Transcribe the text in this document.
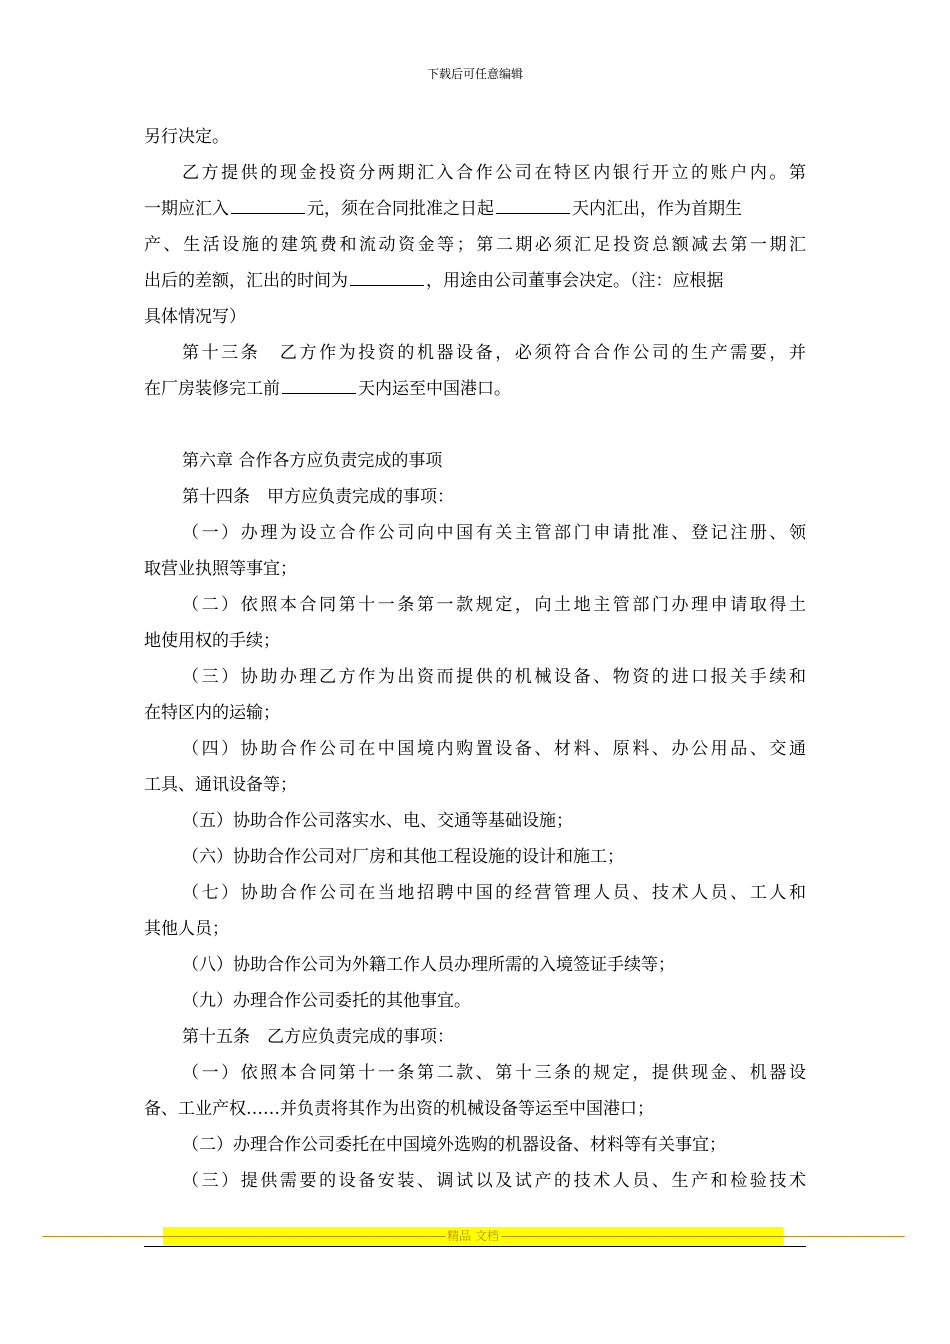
下载后可任意编辑
另行决定。
乙方提供的现金投资分两期汇入合作公司在特区内银行开立的账户内。第
一期应汇入	元，须在合同批准之日起	天内汇出，作为首期生
产、生活设施的建筑费和流动资金等；第二期必须汇足投资总额减去第一期汇
出后的差额，汇出的时间为	，用途由公司董事会决定。（注：应根据
具体情况写）
第十三条　乙方作为投资的机器设备，必须符合合作公司的生产需要，并
在厂房装修完工前	天内运至中国港口。
第六章 合作各方应负责完成的事项
第十四条　甲方应负责完成的事项：
（一）办理为设立合作公司向中国有关主管部门申请批准、登记注册、领
取营业执照等事宜；
（二）依照本合同第十一条第一款规定，向土地主管部门办理申请取得土
地使用权的手续；
（三）协助办理乙方作为出资而提供的机械设备、物资的进口报关手续和
在特区内的运输；
（四）协助合作公司在中国境内购置设备、材料、原料、办公用品、交通
工具、通讯设备等；
（五）协助合作公司落实水、电、交通等基础设施；
（六）协助合作公司对厂房和其他工程设施的设计和施工；
（七）协助合作公司在当地招聘中国的经营管理人员、技术人员、工人和
其他人员；
（八）协助合作公司为外籍工作人员办理所需的入境签证手续等；
（九）办理合作公司委托的其他事宜。
第十五条　乙方应负责完成的事项：
（一）依照本合同第十一条第二款、第十三条的规定，提供现金、机器设
备、工业产权……并负责将其作为出资的机械设备等运至中国港口；
（二）办理合作公司委托在中国境外选购的机器设备、材料等有关事宜；
（三）提供需要的设备安装、调试以及试产的技术人员、生产和检验技术
------------------------------------------------------------------------------------------------------------------------------------ 精品 文档 ------------------------------------------------------------------------------------------------------------------------------------
